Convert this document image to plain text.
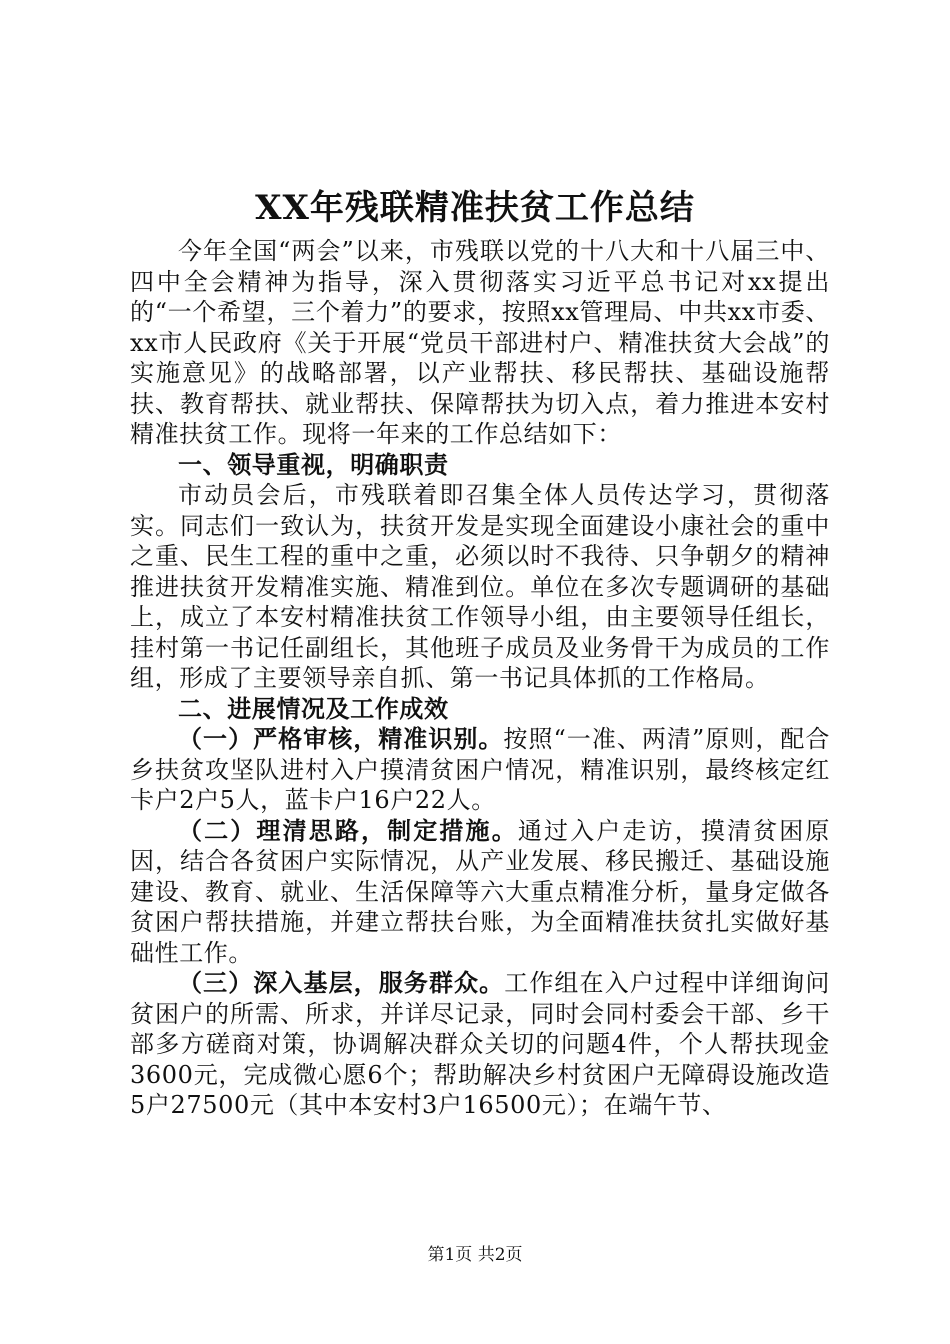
XX年残联精准扶贫工作总结

今年全国“两会”以来，市残联以党的十八大和十八届三中、四中全会精神为指导，深入贯彻落实习近平总书记对xx提出的“一个希望，三个着力”的要求，按照xx管理局、中共xx市委、xx市人民政府《关于开展“党员干部进村户、精准扶贫大会战”的实施意见》的战略部署，以产业帮扶、移民帮扶、基础设施帮扶、教育帮扶、就业帮扶、保障帮扶为切入点，着力推进本安村精准扶贫工作。现将一年来的工作总结如下：

一、领导重视，明确职责

市动员会后，市残联着即召集全体人员传达学习，贯彻落实。同志们一致认为，扶贫开发是实现全面建设小康社会的重中之重、民生工程的重中之重，必须以时不我待、只争朝夕的精神推进扶贫开发精准实施、精准到位。单位在多次专题调研的基础上，成立了本安村精准扶贫工作领导小组，由主要领导任组长，挂村第一书记任副组长，其他班子成员及业务骨干为成员的工作组，形成了主要领导亲自抓、第一书记具体抓的工作格局。

二、进展情况及工作成效

（一）严格审核，精准识别。按照“一准、两清”原则，配合乡扶贫攻坚队进村入户摸清贫困户情况，精准识别，最终核定红卡户2户5人，蓝卡户16户22人。

（二）理清思路，制定措施。通过入户走访，摸清贫困原因，结合各贫困户实际情况，从产业发展、移民搬迁、基础设施建设、教育、就业、生活保障等六大重点精准分析，量身定做各贫困户帮扶措施，并建立帮扶台账，为全面精准扶贫扎实做好基础性工作。

（三）深入基层，服务群众。工作组在入户过程中详细询问贫困户的所需、所求，并详尽记录，同时会同村委会干部、乡干部多方磋商对策，协调解决群众关切的问题4件，个人帮扶现金3600元，完成微心愿6个；帮助解决乡村贫困户无障碍设施改造5户27500元（其中本安村3户16500元）；在端午节、

第1页 共2页
